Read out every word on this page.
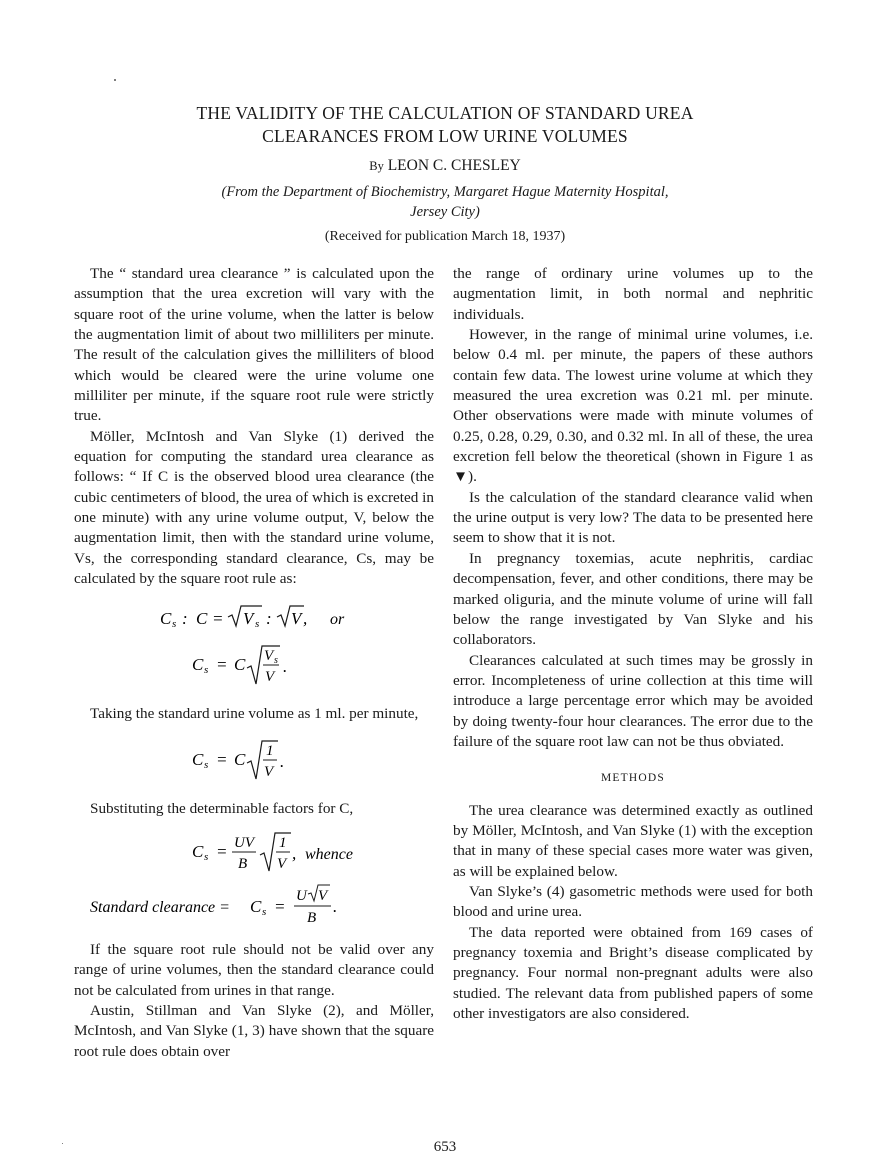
THE VALIDITY OF THE CALCULATION OF STANDARD UREA
CLEARANCES FROM LOW URINE VOLUMES
By LEON C. CHESLEY
(From the Department of Biochemistry, Margaret Hague Maternity Hospital,
Jersey City)
(Received for publication March 18, 1937)

The “ standard urea clearance ” is calculated upon the assumption that the urea excretion will vary with the square root of the urine volume, when the latter is below the augmentation limit of about two milliliters per minute. The result of the calculation gives the milliliters of blood which would be cleared were the urine volume one milliliter per minute, if the square root rule were strictly true.

Möller, McIntosh and Van Slyke (1) derived the equation for computing the standard urea clearance as follows: “ If C is the observed blood urea clearance (the cubic centimeters of blood, the urea of which is excreted in one minute) with any urine volume output, V, below the augmentation limit, then with the standard urine volume, Vs, the corresponding standard clearance, Cs, may be calculated by the square root rule as:

C s : C = V s : V , or
C s = C V s
V
.

Taking the standard urine volume as 1 ml. per minute,

C s = C 1
V
.

Substituting the determinable factors for C,

C s = UV
B
1
V
, whence
Standard clearance = C s =
U V
B
.

If the square root rule should not be valid over any range of urine volumes, then the standard clearance could not be calculated from urines in that range.

Austin, Stillman and Van Slyke (2), and Möller, McIntosh, and Van Slyke (1, 3) have shown that the square root rule does obtain over

the range of ordinary urine volumes up to the augmentation limit, in both normal and nephritic individuals.

However, in the range of minimal urine volumes, i.e. below 0.4 ml. per minute, the papers of these authors contain few data. The lowest urine volume at which they measured the urea excretion was 0.21 ml. per minute. Other observations were made with minute volumes of 0.25, 0.28, 0.29, 0.30, and 0.32 ml. In all of these, the urea excretion fell below the theoretical (shown in Figure 1 as ▼).

Is the calculation of the standard clearance valid when the urine output is very low? The data to be presented here seem to show that it is not.

In pregnancy toxemias, acute nephritis, cardiac decompensation, fever, and other conditions, there may be marked oliguria, and the minute volume of urine will fall below the range investigated by Van Slyke and his collaborators.

Clearances calculated at such times may be grossly in error. Incompleteness of urine collection at this time will introduce a large percentage error which may be avoided by doing twenty-four hour clearances. The error due to the failure of the square root law can not be thus obviated.

METHODS

The urea clearance was determined exactly as outlined by Möller, McIntosh, and Van Slyke (1) with the exception that in many of these special cases more water was given, as will be explained below.

Van Slyke’s (4) gasometric methods were used for both blood and urine urea.

The data reported were obtained from 169 cases of pregnancy toxemia and Bright’s disease complicated by pregnancy. Four normal non-pregnant adults were also studied. The relevant data from published papers of some other investigators are also considered.

653
